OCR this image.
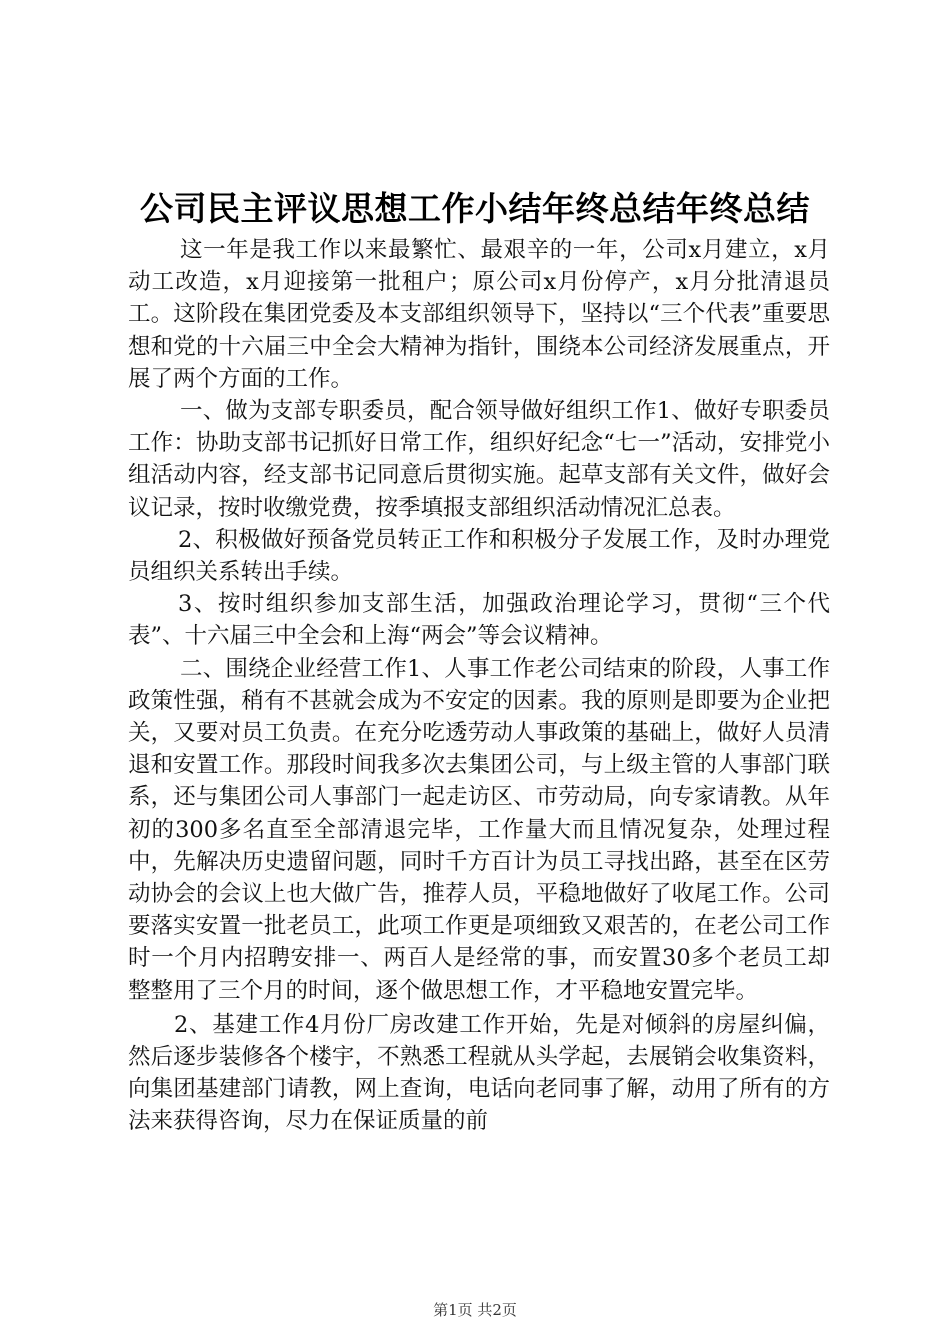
公司民主评议思想工作小结年终总结年终总结

这一年是我工作以来最繁忙、最艰辛的一年，公司x月建立，x月动工改造，x月迎接第一批租户；原公司x月份停产，x月分批清退员工。这阶段在集团党委及本支部组织领导下，坚持以“三个代表”重要思想和党的十六届三中全会大精神为指针，围绕本公司经济发展重点，开展了两个方面的工作。

一、做为支部专职委员，配合领导做好组织工作1、做好专职委员工作：协助支部书记抓好日常工作，组织好纪念“七一”活动，安排党小组活动内容，经支部书记同意后贯彻实施。起草支部有关文件，做好会议记录，按时收缴党费，按季填报支部组织活动情况汇总表。

2、积极做好预备党员转正工作和积极分子发展工作，及时办理党员组织关系转出手续。

3、按时组织参加支部生活，加强政治理论学习，贯彻“三个代表”、十六届三中全会和上海“两会”等会议精神。

二、围绕企业经营工作1、人事工作老公司结束的阶段，人事工作政策性强，稍有不甚就会成为不安定的因素。我的原则是即要为企业把关，又要对员工负责。在充分吃透劳动人事政策的基础上，做好人员清退和安置工作。那段时间我多次去集团公司，与上级主管的人事部门联系，还与集团公司人事部门一起走访区、市劳动局，向专家请教。从年初的300多名直至全部清退完毕，工作量大而且情况复杂，处理过程中，先解决历史遗留问题，同时千方百计为员工寻找出路，甚至在区劳动协会的会议上也大做广告，推荐人员，平稳地做好了收尾工作。公司要落实安置一批老员工，此项工作更是项细致又艰苦的，在老公司工作时一个月内招聘安排一、两百人是经常的事，而安置30多个老员工却整整用了三个月的时间，逐个做思想工作，才平稳地安置完毕。

2、基建工作4月份厂房改建工作开始，先是对倾斜的房屋纠偏，然后逐步装修各个楼宇，不熟悉工程就从头学起，去展销会收集资料，向集团基建部门请教，网上查询，电话向老同事了解，动用了所有的方法来获得咨询，尽力在保证质量的前

第1页 共2页
